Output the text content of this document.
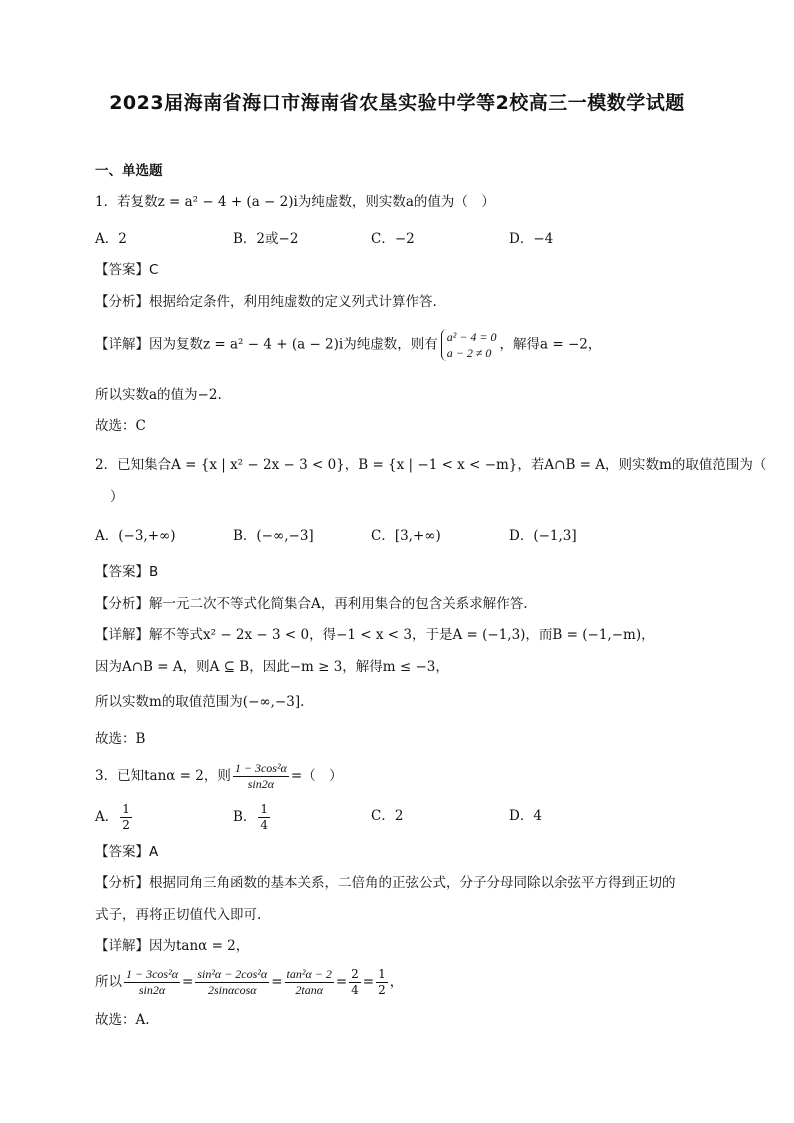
2023届海南省海口市海南省农垦实验中学等2校高三一模数学试题
一、单选题
1．若复数z = a² − 4 + (a − 2)i为纯虚数，则实数a的值为（　）
A．2	B．2或−2	C．−2	D．−4
【答案】C
【分析】根据给定条件，利用纯虚数的定义列式计算作答.
【详解】因为复数z = a² − 4 + (a − 2)i为纯虚数，则有 a² − 4 = 0
a − 2 ≠ 0
，解得a = −2，
所以实数a的值为−2.
故选：C
2．已知集合A = {x | x² − 2x − 3 < 0}，B = {x | −1 < x < −m}，若A∩B = A，则实数m的取值范围为（
）
A．(−3,+∞)	B．(−∞,−3]	C．[3,+∞)	D．(−1,3]
【答案】B
【分析】解一元二次不等式化简集合A，再利用集合的包含关系求解作答.
【详解】解不等式x² − 2x − 3 < 0，得−1 < x < 3，于是A = (−1,3)，而B = (−1,−m)，
因为A∩B = A，则A ⊆ B，因此−m ≥ 3，解得m ≤ −3，
所以实数m的取值范围为(−∞,−3].
故选：B
3．已知tanα = 2，则 $\frac{\text{1 − 3cos²α}}{\sin 2\alpha}$ =（　）
A． $\frac{1}{2}$	B． $\frac{1}{4}$	C．2	D．4
【答案】A
【分析】根据同角三角函数的基本关系，二倍角的正弦公式，分子分母同除以余弦平方得到正切的
式子，再将正切值代入即可.
【详解】因为tanα = 2，
所以 $\frac{\text{1 − 3cos²α}}{\sin 2\alpha} = \frac{\text{sin²α − 2cos²α}}{2\sin\alpha\cos\alpha} = \frac{\text{tan²α − 2}}{2\tan\alpha} = \frac{2}{4} = \frac{1}{2}$ ，
故选：A.
